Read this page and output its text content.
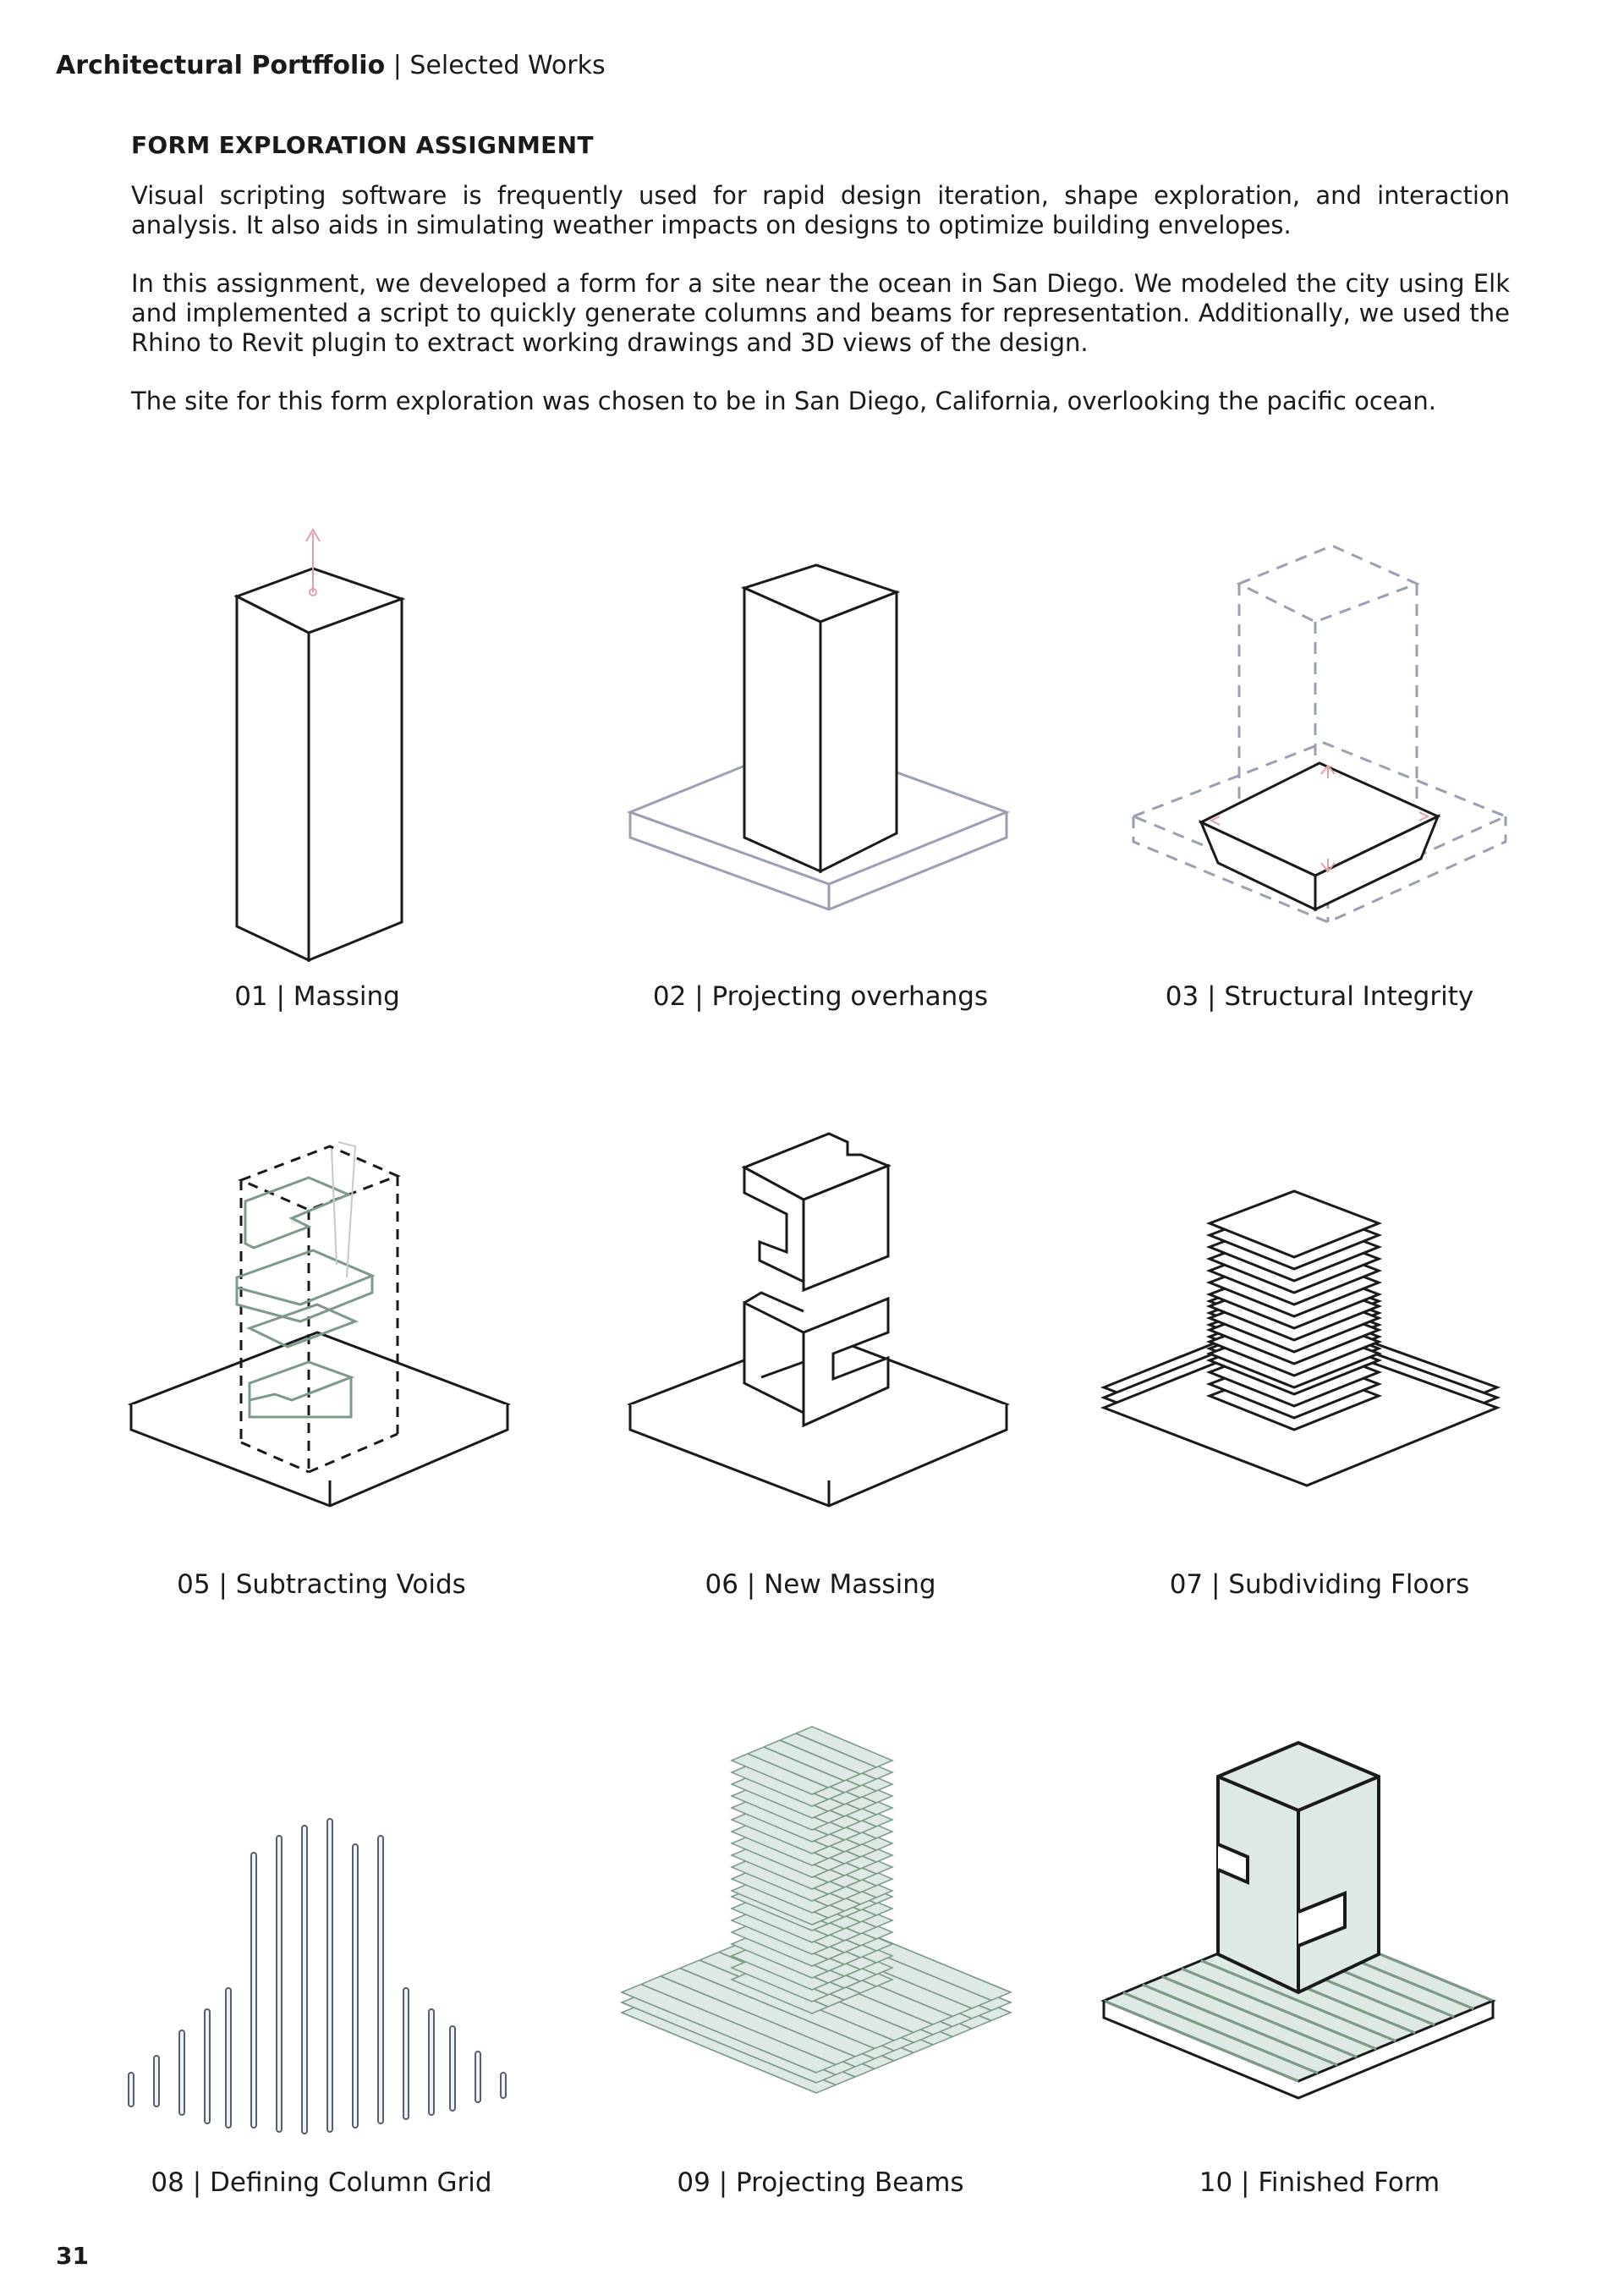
Architectural Portffolio | Selected Works
FORM EXPLORATION ASSIGNMENT

Visual scripting software is frequently used for rapid design iteration, shape exploration, and interaction analysis. It also aids in simulating weather impacts on designs to optimize building envelopes.

In this assignment, we developed a form for a site near the ocean in San Diego. We modeled the city using Elk and implemented a script to quickly generate columns and beams for representation. Additionally, we used the Rhino to Revit plugin to extract working drawings and 3D views of the design.

The site for this form exploration was chosen to be in San Diego, California, overlooking the pacific ocean.

01 | Massing	02 | Projecting overhangs	03 | Structural Integrity
05 | Subtracting Voids	06 | New Massing	07 | Subdividing Floors
08 | Defining Column Grid	09 | Projecting Beams	10 | Finished Form
31
